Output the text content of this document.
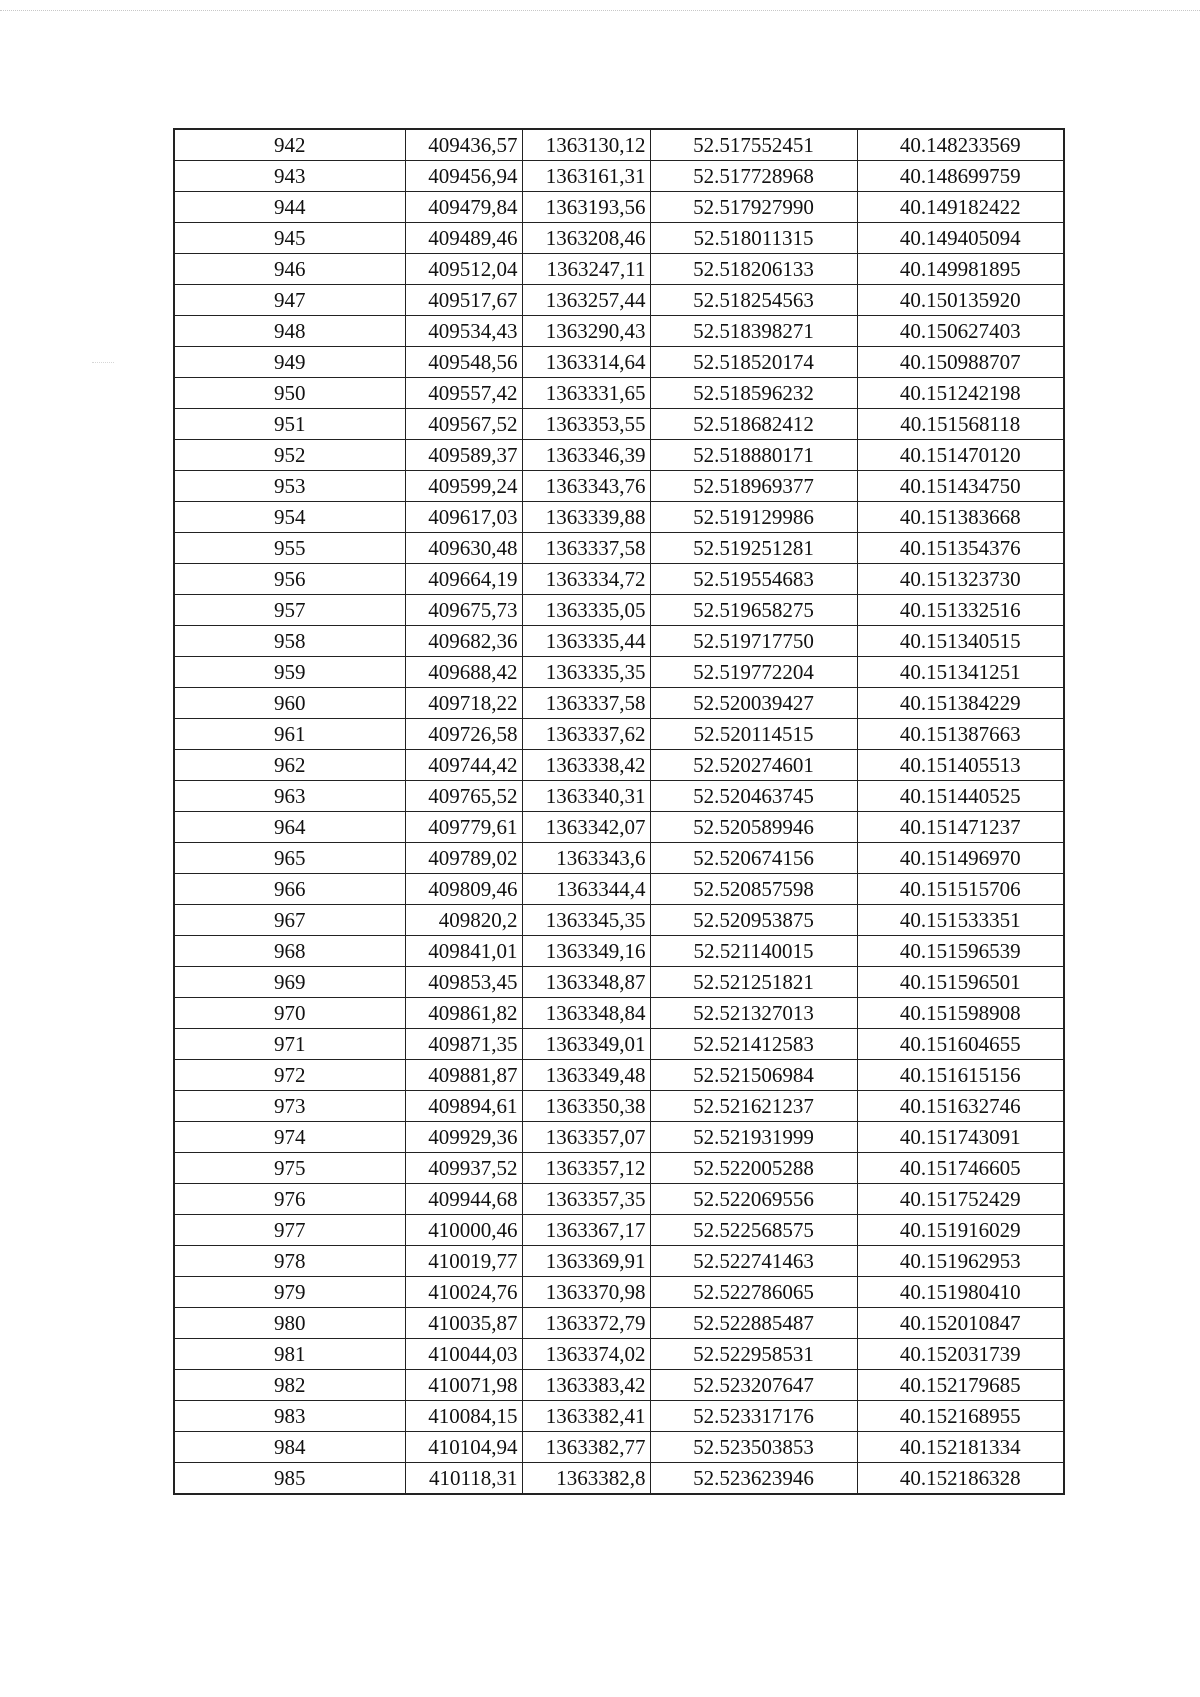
942	409436,57	1363130,12	52.517552451	40.148233569
943	409456,94	1363161,31	52.517728968	40.148699759
944	409479,84	1363193,56	52.517927990	40.149182422
945	409489,46	1363208,46	52.518011315	40.149405094
946	409512,04	1363247,11	52.518206133	40.149981895
947	409517,67	1363257,44	52.518254563	40.150135920
948	409534,43	1363290,43	52.518398271	40.150627403
949	409548,56	1363314,64	52.518520174	40.150988707
950	409557,42	1363331,65	52.518596232	40.151242198
951	409567,52	1363353,55	52.518682412	40.151568118
952	409589,37	1363346,39	52.518880171	40.151470120
953	409599,24	1363343,76	52.518969377	40.151434750
954	409617,03	1363339,88	52.519129986	40.151383668
955	409630,48	1363337,58	52.519251281	40.151354376
956	409664,19	1363334,72	52.519554683	40.151323730
957	409675,73	1363335,05	52.519658275	40.151332516
958	409682,36	1363335,44	52.519717750	40.151340515
959	409688,42	1363335,35	52.519772204	40.151341251
960	409718,22	1363337,58	52.520039427	40.151384229
961	409726,58	1363337,62	52.520114515	40.151387663
962	409744,42	1363338,42	52.520274601	40.151405513
963	409765,52	1363340,31	52.520463745	40.151440525
964	409779,61	1363342,07	52.520589946	40.151471237
965	409789,02	1363343,6	52.520674156	40.151496970
966	409809,46	1363344,4	52.520857598	40.151515706
967	409820,2	1363345,35	52.520953875	40.151533351
968	409841,01	1363349,16	52.521140015	40.151596539
969	409853,45	1363348,87	52.521251821	40.151596501
970	409861,82	1363348,84	52.521327013	40.151598908
971	409871,35	1363349,01	52.521412583	40.151604655
972	409881,87	1363349,48	52.521506984	40.151615156
973	409894,61	1363350,38	52.521621237	40.151632746
974	409929,36	1363357,07	52.521931999	40.151743091
975	409937,52	1363357,12	52.522005288	40.151746605
976	409944,68	1363357,35	52.522069556	40.151752429
977	410000,46	1363367,17	52.522568575	40.151916029
978	410019,77	1363369,91	52.522741463	40.151962953
979	410024,76	1363370,98	52.522786065	40.151980410
980	410035,87	1363372,79	52.522885487	40.152010847
981	410044,03	1363374,02	52.522958531	40.152031739
982	410071,98	1363383,42	52.523207647	40.152179685
983	410084,15	1363382,41	52.523317176	40.152168955
984	410104,94	1363382,77	52.523503853	40.152181334
985	410118,31	1363382,8	52.523623946	40.152186328
